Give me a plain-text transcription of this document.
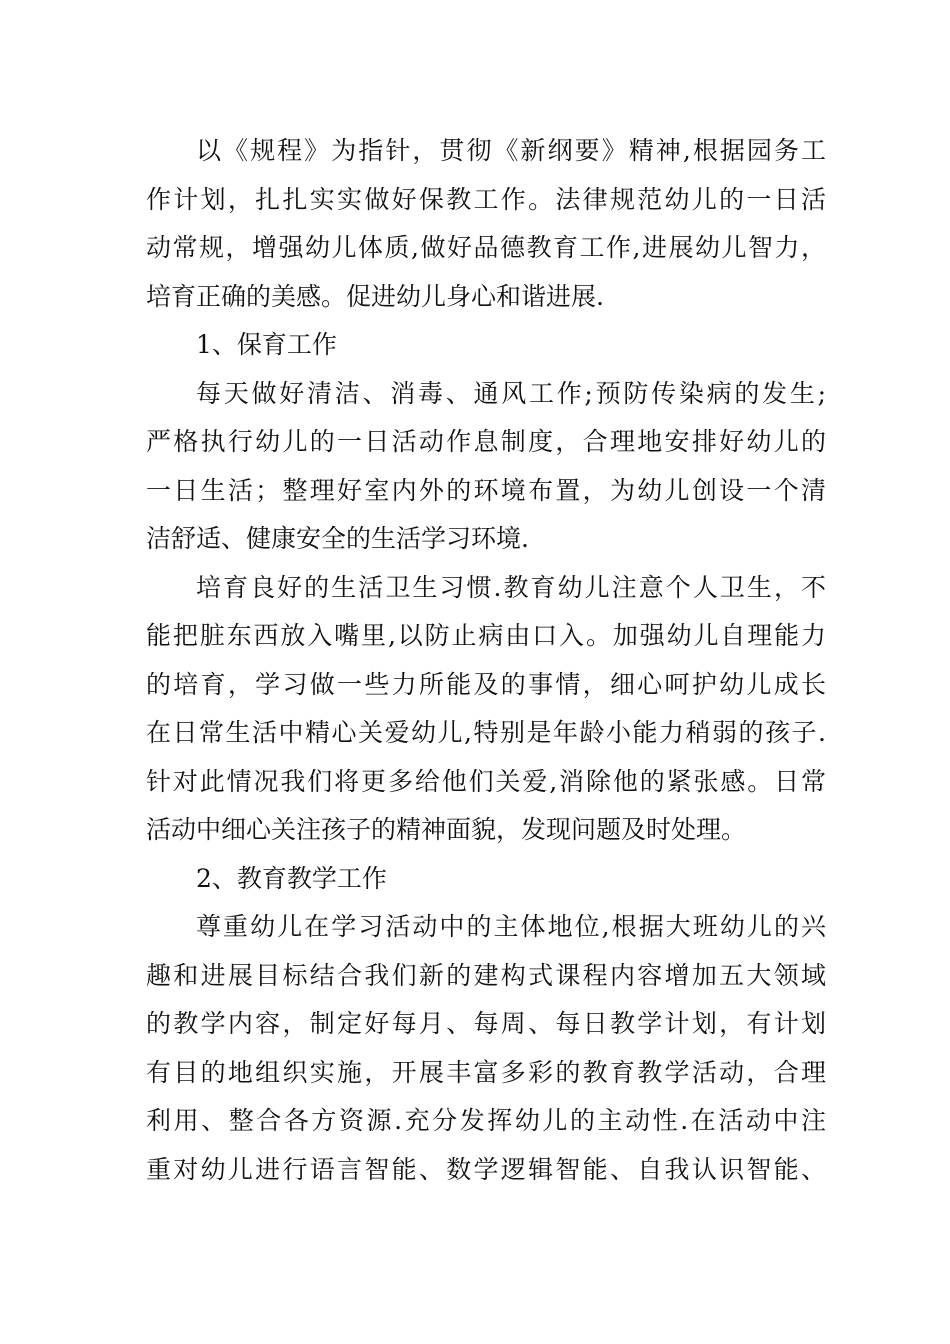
以《规程》为指针，贯彻《新纲要》精神,根据园务工
作计划，扎扎实实做好保教工作。法律规范幼儿的一日活
动常规，增强幼儿体质,做好品德教育工作,进展幼儿智力，
培育正确的美感。促进幼儿身心和谐进展.
1、保育工作
每天做好清洁、消毒、通风工作;预防传染病的发生;
严格执行幼儿的一日活动作息制度，合理地安排好幼儿的
一日生活；整理好室内外的环境布置，为幼儿创设一个清
洁舒适、健康安全的生活学习环境.
培育良好的生活卫生习惯.教育幼儿注意个人卫生，不
能把脏东西放入嘴里,以防止病由口入。加强幼儿自理能力
的培育，学习做一些力所能及的事情，细心呵护幼儿成长
在日常生活中精心关爱幼儿,特别是年龄小能力稍弱的孩子.
针对此情况我们将更多给他们关爱,消除他的紧张感。日常
活动中细心关注孩子的精神面貌，发现问题及时处理。
2、教育教学工作
尊重幼儿在学习活动中的主体地位,根据大班幼儿的兴
趣和进展目标结合我们新的建构式课程内容增加五大领域
的教学内容，制定好每月、每周、每日教学计划，有计划
有目的地组织实施，开展丰富多彩的教育教学活动，合理
利用、整合各方资源.充分发挥幼儿的主动性.在活动中注
重对幼儿进行语言智能、数学逻辑智能、自我认识智能、
